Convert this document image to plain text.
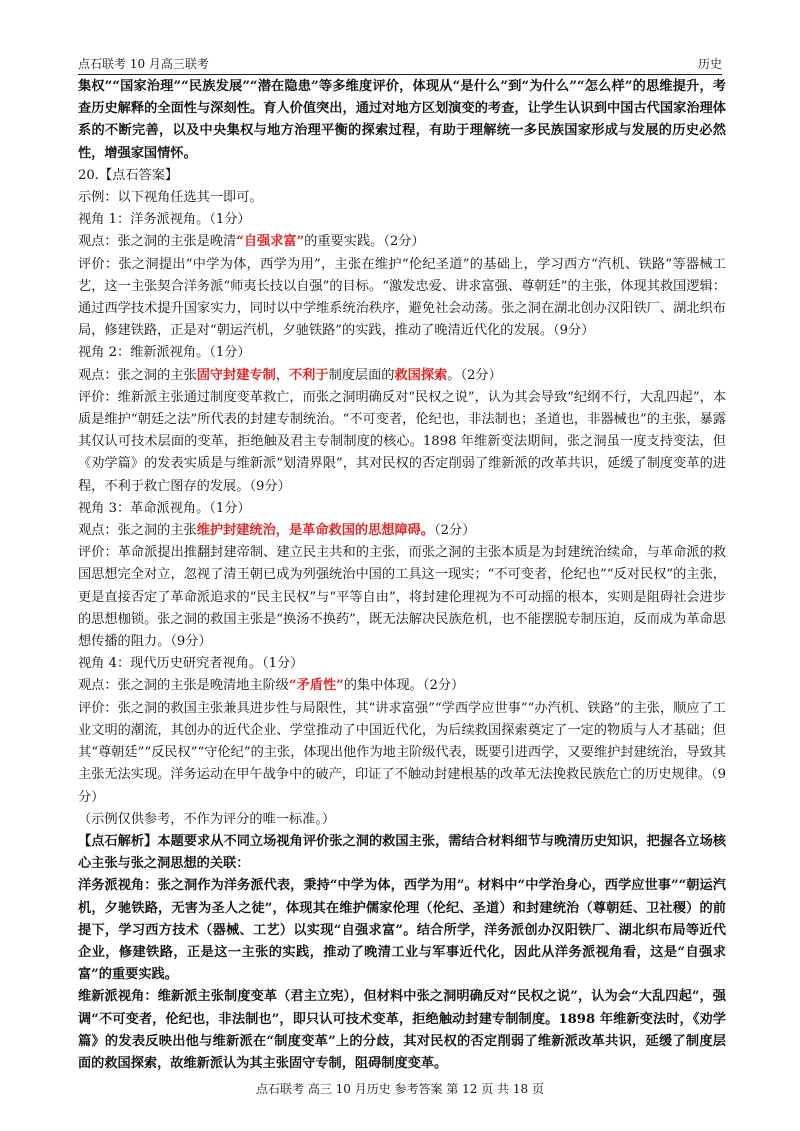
点石联考 10 月高三联考	历史

集权”“国家治理”“民族发展”“潜在隐患”等多维度评价，体现从“是什么”到“为什么”“怎么样”的思维提升，考查历史解释的全面性与深刻性。育人价值突出，通过对地方区划演变的考查，让学生认识到中国古代国家治理体系的不断完善，以及中央集权与地方治理平衡的探索过程，有助于理解统一多民族国家形成与发展的历史必然性，增强家国情怀。

20.【点石答案】

示例：以下视角任选其一即可。

视角 1：洋务派视角。（1分）

观点：张之洞的主张是晚清“自强求富”的重要实践。（2分）

评价：张之洞提出“中学为体，西学为用”，主张在维护“伦纪圣道”的基础上，学习西方“汽机、铁路”等器械工艺，这一主张契合洋务派“师夷长技以自强”的目标。“激发忠爱、讲求富强、尊朝廷”的主张，体现其救国逻辑：通过西学技术提升国家实力，同时以中学维系统治秩序，避免社会动荡。张之洞在湖北创办汉阳铁厂、湖北织布局，修建铁路，正是对“朝运汽机，夕驰铁路”的实践，推动了晚清近代化的发展。（9分）

视角 2：维新派视角。（1分）

观点：张之洞的主张固守封建专制，不利于制度层面的救国探索。（2分）

评价：维新派主张通过制度变革救亡，而张之洞明确反对“民权之说”，认为其会导致“纪纲不行，大乱四起”，本质是维护“朝廷之法”所代表的封建专制统治。“不可变者，伦纪也，非法制也；圣道也，非器械也”的主张，暴露其仅认可技术层面的变革，拒绝触及君主专制制度的核心。1898 年维新变法期间，张之洞虽一度支持变法，但《劝学篇》的发表实质是与维新派“划清界限”，其对民权的否定削弱了维新派的改革共识，延缓了制度变革的进程，不利于救亡图存的发展。（9分）

视角 3：革命派视角。（1分）

观点：张之洞的主张维护封建统治，是革命救国的思想障碍。（2分）

评价：革命派提出推翻封建帝制、建立民主共和的主张，而张之洞的主张本质是为封建统治续命，与革命派的救国思想完全对立，忽视了清王朝已成为列强统治中国的工具这一现实；“不可变者，伦纪也”“反对民权”的主张，更是直接否定了革命派追求的“民主民权”与“平等自由”，将封建伦理视为不可动摇的根本，实则是阻碍社会进步的思想枷锁。张之洞的救国主张是“换汤不换药”，既无法解决民族危机，也不能摆脱专制压迫，反而成为革命思想传播的阻力。（9分）

视角 4：现代历史研究者视角。（1分）

观点：张之洞的主张是晚清地主阶级“矛盾性”的集中体现。（2分）

评价：张之洞的救国主张兼具进步性与局限性，其“讲求富强”“学西学应世事”“办汽机、铁路”的主张，顺应了工业文明的潮流，其创办的近代企业、学堂推动了中国近代化，为后续救国探索奠定了一定的物质与人才基础；但其“尊朝廷”“反民权”“守伦纪”的主张，体现出他作为地主阶级代表，既要引进西学，又要维护封建统治，导致其主张无法实现。洋务运动在甲午战争中的破产，印证了不触动封建根基的改革无法挽救民族危亡的历史规律。（9分）

（示例仅供参考，不作为评分的唯一标准。）

【点石解析】本题要求从不同立场视角评价张之洞的救国主张，需结合材料细节与晚清历史知识，把握各立场核心主张与张之洞思想的关联：

洋务派视角：张之洞作为洋务派代表，秉持“中学为体，西学为用”。材料中“中学治身心，西学应世事”“朝运汽机，夕驰铁路，无害为圣人之徒”，体现其在维护儒家伦理（伦纪、圣道）和封建统治（尊朝廷、卫社稷）的前提下，学习西方技术（器械、工艺）以实现“自强求富”。结合所学，洋务派创办汉阳铁厂、湖北织布局等近代企业，修建铁路，正是这一主张的实践，推动了晚清工业与军事近代化，因此从洋务派视角看，这是“自强求富”的重要实践。

维新派视角：维新派主张制度变革（君主立宪），但材料中张之洞明确反对“民权之说”，认为会“大乱四起”，强调“不可变者，伦纪也，非法制也”，即只认可技术变革，拒绝触动封建专制制度。1898 年维新变法时，《劝学篇》的发表反映出他与维新派在“制度变革”上的分歧，其对民权的否定削弱了维新派改革共识，延缓了制度层面的救国探索，故维新派认为其主张固守专制，阻碍制度变革。

点石联考 高三 10 月历史 参考答案 第 12 页 共 18 页
